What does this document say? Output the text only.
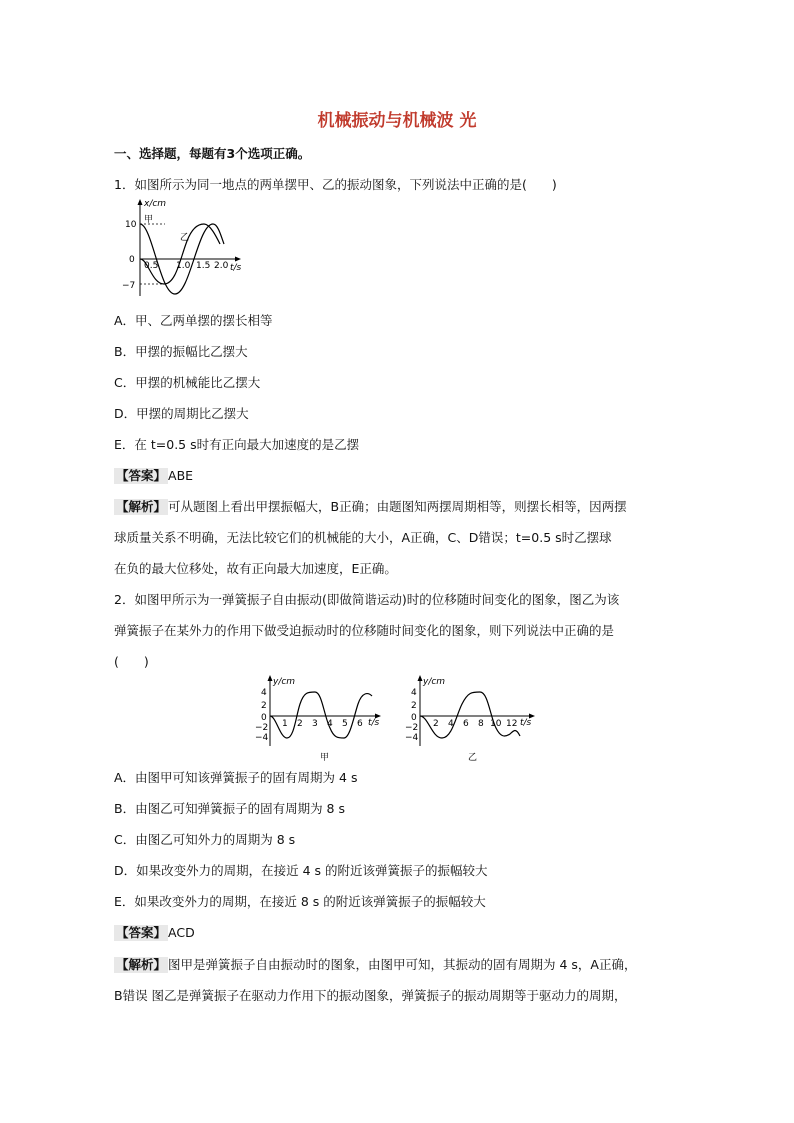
机械振动与机械波 光
一、选择题，每题有3个选项正确。
1．如图所示为同一地点的两单摆甲、乙的振动图象，下列说法中正确的是(　　)
x/cm
t/s
10
0
−7
0.5 1.0 1.5 2.0
甲
乙
A．甲、乙两单摆的摆长相等
B．甲摆的振幅比乙摆大
C．甲摆的机械能比乙摆大
D．甲摆的周期比乙摆大
E．在 t=0.5 s时有正向最大加速度的是乙摆
【答案】 ABE
【解析】 可从题图上看出甲摆振幅大，B正确；由题图知两摆周期相等，则摆长相等，因两摆
球质量关系不明确，无法比较它们的机械能的大小，A正确，C、D错误；t=0.5 s时乙摆球
在负的最大位移处，故有正向最大加速度，E正确。
2．如图甲所示为一弹簧振子自由振动(即做简谐运动)时的位移随时间变化的图象，图乙为该
弹簧振子在某外力的作用下做受迫振动时的位移随时间变化的图象，则下列说法中正确的是
(　　)
y/cm
t/s
4
2
0
−2
−4
1 2 3 4 5 6
甲
y/cm
t/s
4
2
0
−2
−4
2 4 6 8 10 12
乙
A．由图甲可知该弹簧振子的固有周期为 4 s
B．由图乙可知弹簧振子的固有周期为 8 s
C．由图乙可知外力的周期为 8 s
D．如果改变外力的周期，在接近 4 s 的附近该弹簧振子的振幅较大
E．如果改变外力的周期，在接近 8 s 的附近该弹簧振子的振幅较大
【答案】 ACD
【解析】 图甲是弹簧振子自由振动时的图象，由图甲可知，其振动的固有周期为 4 s，A正确，
B错误 图乙是弹簧振子在驱动力作用下的振动图象，弹簧振子的振动周期等于驱动力的周期，
